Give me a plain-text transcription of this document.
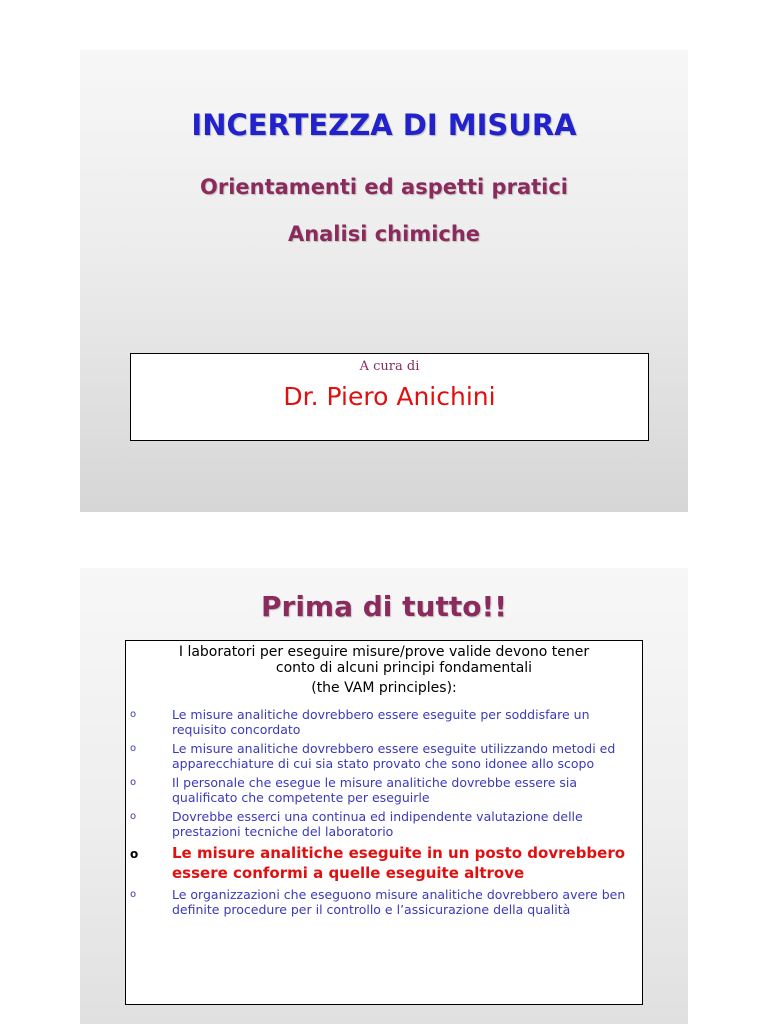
INCERTEZZA DI MISURA
Orientamenti ed aspetti pratici
Analisi chimiche
A cura di
Dr. Piero Anichini
Prima di tutto!!
I laboratori per eseguire misure/prove valide devono tener
conto di alcuni principi fondamentali
(the VAM principles):
o	Le misure analitiche dovrebbero essere eseguite per soddisfare un requisito concordato
o	Le misure analitiche dovrebbero essere eseguite utilizzando metodi ed apparecchiature di cui sia stato provato che sono idonee allo scopo
o	Il personale che esegue le misure analitiche dovrebbe essere sia qualificato che competente per eseguirle
o	Dovrebbe esserci una continua ed indipendente valutazione delle prestazioni tecniche del laboratorio
o Le misure analitiche eseguite in un posto dovrebbero essere conformi a quelle eseguite altrove
o	Le organizzazioni che eseguono misure analitiche dovrebbero avere ben definite procedure per il controllo e l’assicurazione della qualità
